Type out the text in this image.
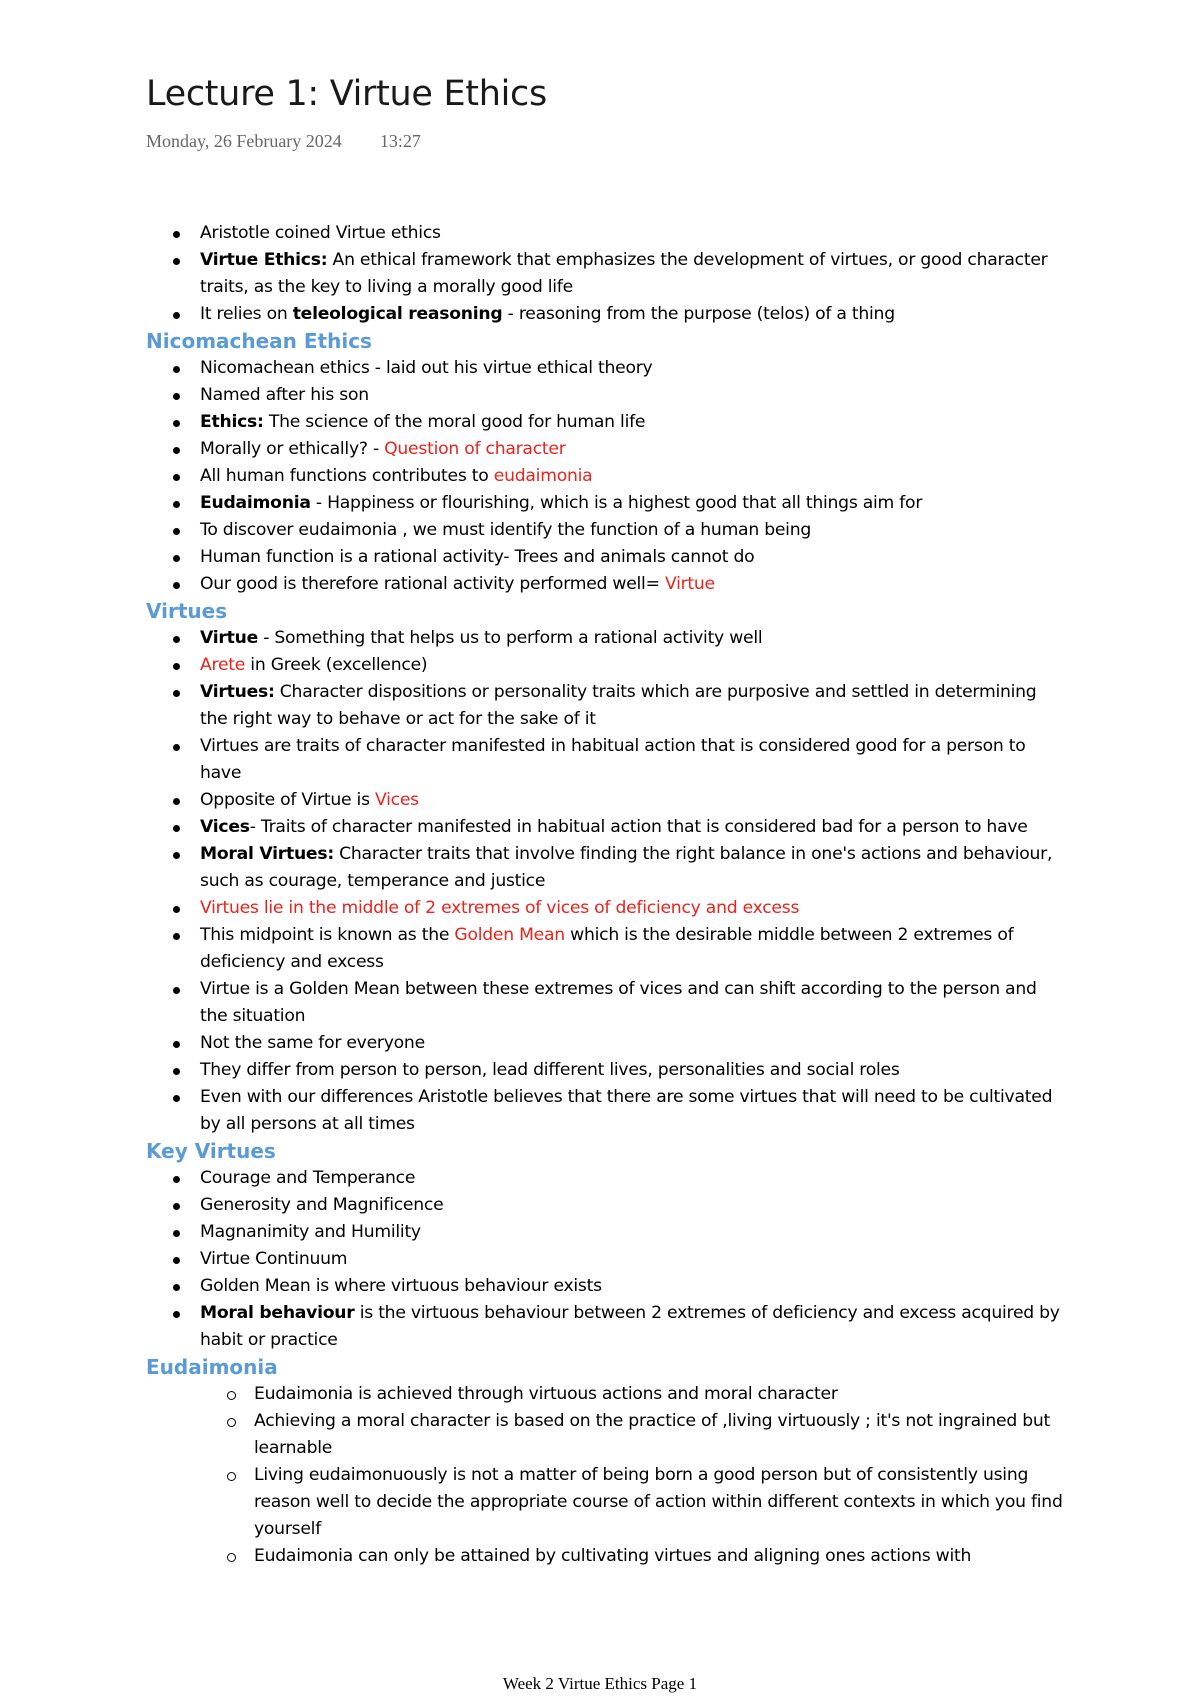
Lecture 1: Virtue Ethics
Monday, 26 February 2024 13:27
Aristotle coined Virtue ethics
Virtue Ethics: An ethical framework that emphasizes the development of virtues, or good character traits, as the key to living a morally good life
It relies on teleological reasoning - reasoning from the purpose (telos) of a thing
Nicomachean Ethics
Nicomachean ethics - laid out his virtue ethical theory
Named after his son
Ethics: The science of the moral good for human life
Morally or ethically? - Question of character
All human functions contributes to eudaimonia
Eudaimonia - Happiness or flourishing, which is a highest good that all things aim for
To discover eudaimonia , we must identify the function of a human being
Human function is a rational activity- Trees and animals cannot do
Our good is therefore rational activity performed well= Virtue
Virtues
Virtue - Something that helps us to perform a rational activity well
Arete in Greek (excellence)
Virtues: Character dispositions or personality traits which are purposive and settled in determining the right way to behave or act for the sake of it
Virtues are traits of character manifested in habitual action that is considered good for a person to have
Opposite of Virtue is Vices
Vices- Traits of character manifested in habitual action that is considered bad for a person to have
Moral Virtues: Character traits that involve finding the right balance in one's actions and behaviour, such as courage, temperance and justice
Virtues lie in the middle of 2 extremes of vices of deficiency and excess
This midpoint is known as the Golden Mean which is the desirable middle between 2 extremes of deficiency and excess
Virtue is a Golden Mean between these extremes of vices and can shift according to the person and the situation
Not the same for everyone
They differ from person to person, lead different lives, personalities and social roles
Even with our differences Aristotle believes that there are some virtues that will need to be cultivated by all persons at all times
Key Virtues
Courage and Temperance
Generosity and Magnificence
Magnanimity and Humility
Virtue Continuum
Golden Mean is where virtuous behaviour exists
Moral behaviour is the virtuous behaviour between 2 extremes of deficiency and excess acquired by habit or practice
Eudaimonia
Eudaimonia is achieved through virtuous actions and moral character
Achieving a moral character is based on the practice of ,living virtuously ; it's not ingrained but learnable
Living eudaimonuously is not a matter of being born a good person but of consistently using reason well to decide the appropriate course of action within different contexts in which you find yourself
Eudaimonia can only be attained by cultivating virtues and aligning ones actions with
Week 2 Virtue Ethics Page 1
